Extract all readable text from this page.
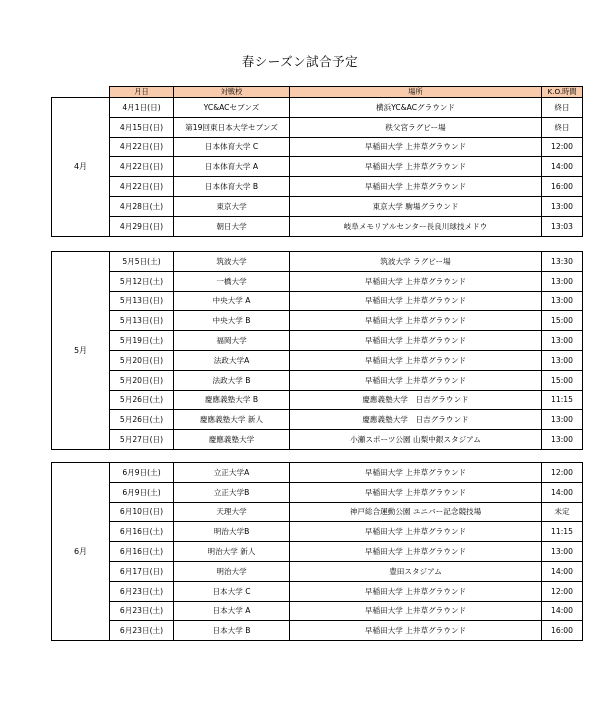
春シーズン試合予定
	月日	対戦校	場所	K.O.時間
4月	4月1日(日)	YC&ACセブンズ	横浜YC&ACグラウンド	終日
	4月15日(日)	第19回東日本大学セブンズ	秩父宮ラグビー場	終日
	4月22日(日)	日本体育大学 C	早稲田大学 上井草グラウンド	12:00
	4月22日(日)	日本体育大学 A	早稲田大学 上井草グラウンド	14:00
	4月22日(日)	日本体育大学 B	早稲田大学 上井草グラウンド	16:00
	4月28日(土)	東京大学	東京大学 駒場グラウンド	13:00
	4月29日(日)	朝日大学	岐阜メモリアルセンター長良川球技メドウ	13:03
5月	5月5日(土)	筑波大学	筑波大学 ラグビー場	13:30
	5月12日(土)	一橋大学	早稲田大学 上井草グラウンド	13:00
	5月13日(日)	中央大学 A	早稲田大学 上井草グラウンド	13:00
	5月13日(日)	中央大学 B	早稲田大学 上井草グラウンド	15:00
	5月19日(土)	福岡大学	早稲田大学 上井草グラウンド	13:00
	5月20日(日)	法政大学A	早稲田大学 上井草グラウンド	13:00
	5月20日(日)	法政大学 B	早稲田大学 上井草グラウンド	15:00
	5月26日(土)	慶應義塾大学 B	慶應義塾大学　日吉グラウンド	11:15
	5月26日(土)	慶應義塾大学 新人	慶應義塾大学　日吉グラウンド	13:00
	5月27日(日)	慶應義塾大学	小瀬スポーツ公園 山梨中銀スタジアム	13:00
6月	6月9日(土)	立正大学A	早稲田大学 上井草グラウンド	12:00
	6月9日(土)	立正大学B	早稲田大学 上井草グラウンド	14:00
	6月10日(日)	天理大学	神戸総合運動公園 ユニバー記念競技場	未定
	6月16日(土)	明治大学B	早稲田大学 上井草グラウンド	11:15
	6月16日(土)	明治大学 新人	早稲田大学 上井草グラウンド	13:00
	6月17日(日)	明治大学	豊田スタジアム	14:00
	6月23日(土)	日本大学 C	早稲田大学 上井草グラウンド	12:00
	6月23日(土)	日本大学 A	早稲田大学 上井草グラウンド	14:00
	6月23日(土)	日本大学 B	早稲田大学 上井草グラウンド	16:00
